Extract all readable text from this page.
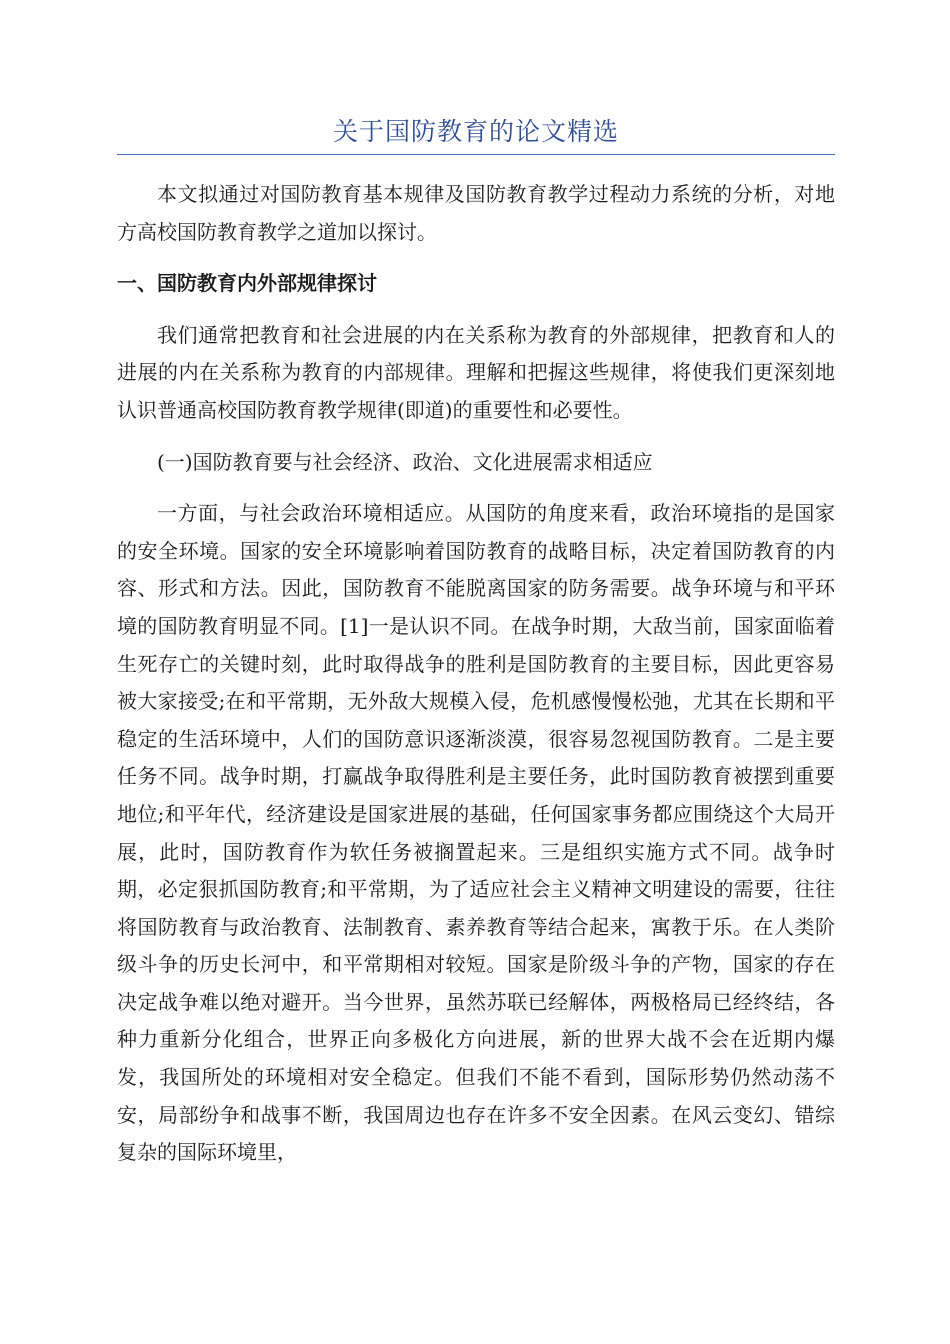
关于国防教育的论文精选

本文拟通过对国防教育基本规律及国防教育教学过程动力系统的分析，对地方高校国防教育教学之道加以探讨。

一、国防教育内外部规律探讨

我们通常把教育和社会进展的内在关系称为教育的外部规律，把教育和人的进展的内在关系称为教育的内部规律。理解和把握这些规律，将使我们更深刻地认识普通高校国防教育教学规律(即道)的重要性和必要性。

(一)国防教育要与社会经济、政治、文化进展需求相适应

一方面，与社会政治环境相适应。从国防的角度来看，政治环境指的是国家的安全环境。国家的安全环境影响着国防教育的战略目标，决定着国防教育的内容、形式和方法。因此，国防教育不能脱离国家的防务需要。战争环境与和平环境的国防教育明显不同。[1]一是认识不同。在战争时期，大敌当前，国家面临着生死存亡的关键时刻，此时取得战争的胜利是国防教育的主要目标，因此更容易被大家接受;在和平常期，无外敌大规模入侵，危机感慢慢松弛，尤其在长期和平稳定的生活环境中，人们的国防意识逐渐淡漠，很容易忽视国防教育。二是主要任务不同。战争时期，打赢战争取得胜利是主要任务，此时国防教育被摆到重要地位;和平年代，经济建设是国家进展的基础，任何国家事务都应围绕这个大局开展，此时，国防教育作为软任务被搁置起来。三是组织实施方式不同。战争时期，必定狠抓国防教育;和平常期，为了适应社会主义精神文明建设的需要，往往将国防教育与政治教育、法制教育、素养教育等结合起来，寓教于乐。在人类阶级斗争的历史长河中，和平常期相对较短。国家是阶级斗争的产物，国家的存在决定战争难以绝对避开。当今世界，虽然苏联已经解体，两极格局已经终结，各种力重新分化组合，世界正向多极化方向进展，新的世界大战不会在近期内爆发，我国所处的环境相对安全稳定。但我们不能不看到，国际形势仍然动荡不安，局部纷争和战事不断，我国周边也存在许多不安全因素。在风云变幻、错综复杂的国际环境里，
